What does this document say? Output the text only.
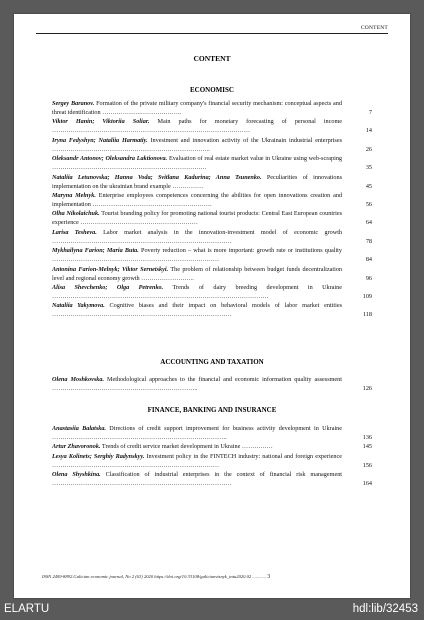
CONTENT
CONTENT
ECONOMISC
Sergey Baranov. Formation of the private military company's financial security mechanism: conceptual aspects and threat identification ……………….………………..	7
Viktor Hanin; Viktoriia Soliar. Main paths for monetary forecasting of personal income ……………………………………………………………………………………	14
Iryna Fedyshyn; Nataliia Harmatiy. Investment and innovation activity of the Ukrainain industrial enterprises …………………………………………………………………..	26
Oleksandr Antonov; Oleksandra Laktionova. Evaluation of real estate market value in Ukraine using web-scraping …………………………………………………………………	35
Nataliia Letunovska; Hanna Voda; Svitlana Kadurina; Anna Tsunenko. Peculiarities of innovations implementation on the ukrainian brand example ……………	45
Maryna Melnyk. Enterprise employees competences concerning the abilities for open innovations creation and implementation ………………………………………………….	56
Olha Nikolaichuk. Tourist branding policy for promoting national tourist products: Central East European countries experience …………………………………………………	64
Larisa Tesheva. Labor market analysis in the innovation-investment model of economic growth ……………………………………………………………………………	78
Mykhailyna Farion; Maria Buta. Poverty reduction – what is more important: growth rate or institutions quality ………………………………………………………………………	84
Antonina Farion-Melnyk; Viktor Sernetskyi. The problem of relationship between budget funds decentralization level and regional economy growth ……………………..	96
Alisa Shevchenko; Olga Petrenko. Trends of dairy breeding development in Ukraine ……………………………………………………………………………………………	109
Nataliia Yakymova. Cognitive biases and their impact on behavioral models of labor market entities ……………………………………………………………………………	118
ACCOUNTING AND TAXATION
Olena Moshkovska. Methodological approaches to the financial and economic information quality assessment ……………………………………………………………..	126
FINANCE, BANKING AND INSURANCE
Anastasiia Balatska. Directions of credit support improvement for business activity development in Ukraine ………………………………………………………………………….	136
Artur Zhavoronok. Trends of credit service market development in Ukraine ……………	145
Lesya Kolinets; Serghiy Radynskyy. Investment policy in the FINTECH industry: national and foreign experience ………………………………………………………………………	156
Olena Shyshkina. Classification of industrial enterprises in the context of financial risk management ……………………………………………………………………………	164
ISSN 2409-8892.Galician economic journal, No 2 (63) 2020 https://doi.org/10.33108/galicianvisnyk_tntu2020.02 ............ 3
ELARTU	hdl:lib/32453
